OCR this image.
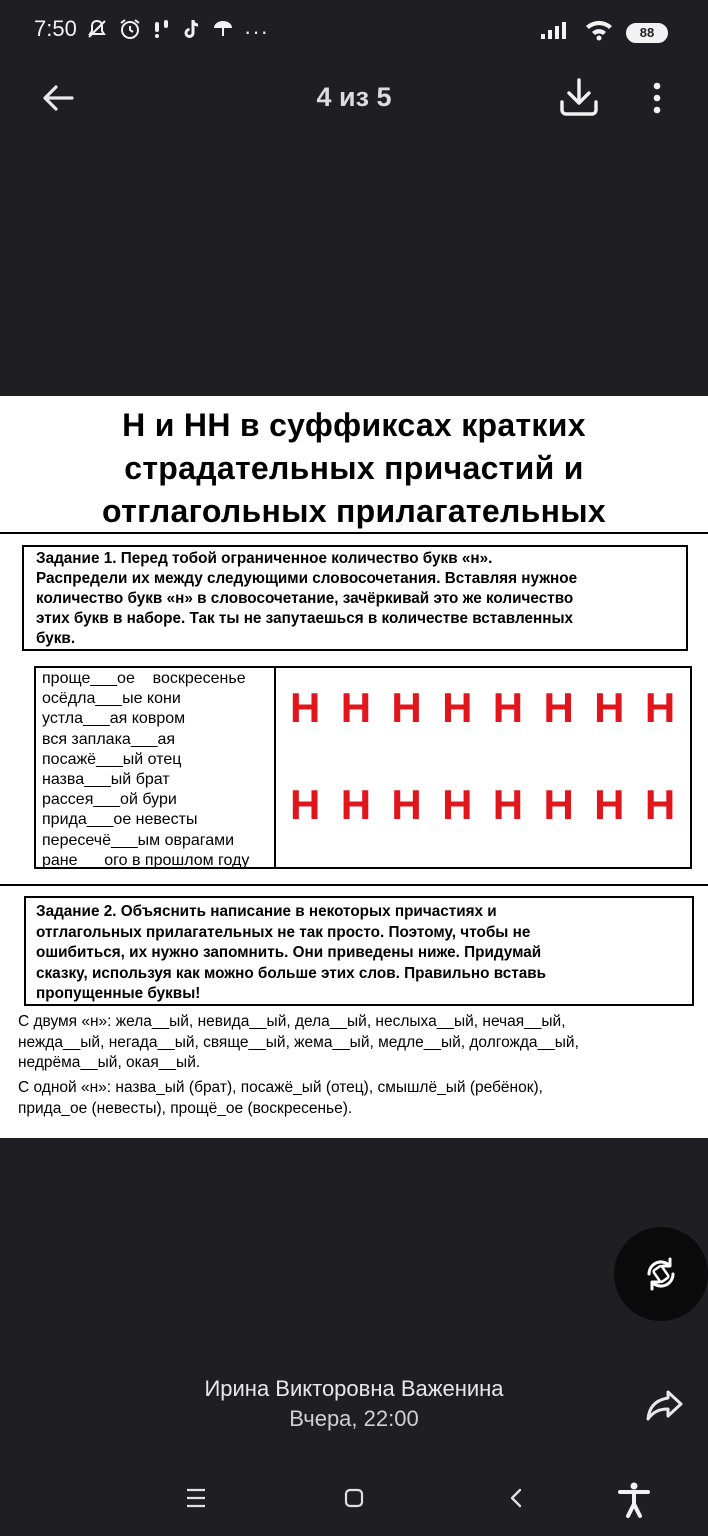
7:50	···	88
4 из 5
Н и НН в суффиксах кратких
страдательных причастий и
отглагольных прилагательных
Задание 1. Перед тобой ограниченное количество букв «н».
Распредели их между следующими словосочетания. Вставляя нужное
количество букв «н» в словосочетание, зачёркивай это же количество
этих букв в наборе. Так ты не запутаешься в количестве вставленных
букв.
проще___ое    воскресенье
осёдла___ые кони
устла___ая ковром
вся заплака___ая
посажё___ый отец
назва___ый брат
рассея___ой бури
прида___ое невесты
пересечё___ым оврагами
ране___ого в прошлом году
Н Н Н Н Н Н Н Н
Н Н Н Н Н Н Н Н
Задание 2. Объяснить написание в некоторых причастиях и
отглагольных прилагательных не так просто. Поэтому, чтобы не
ошибиться, их нужно запомнить. Они приведены ниже. Придумай
сказку, используя как можно больше этих слов. Правильно вставь
пропущенные буквы!
С двумя «н»: жела__ый, невида__ый, дела__ый, неслыха__ый, нечая__ый,
нежда__ый, негада__ый, свяще__ый, жема__ый, медле__ый, долгожда__ый,
недрёма__ый, окая__ый.
С одной «н»: назва_ый (брат), посажё_ый (отец), смышлё_ый (ребёнок),
прида_ое (невесты), прощё_ое (воскресенье).
Ирина Викторовна Важенина
Вчера, 22:00
